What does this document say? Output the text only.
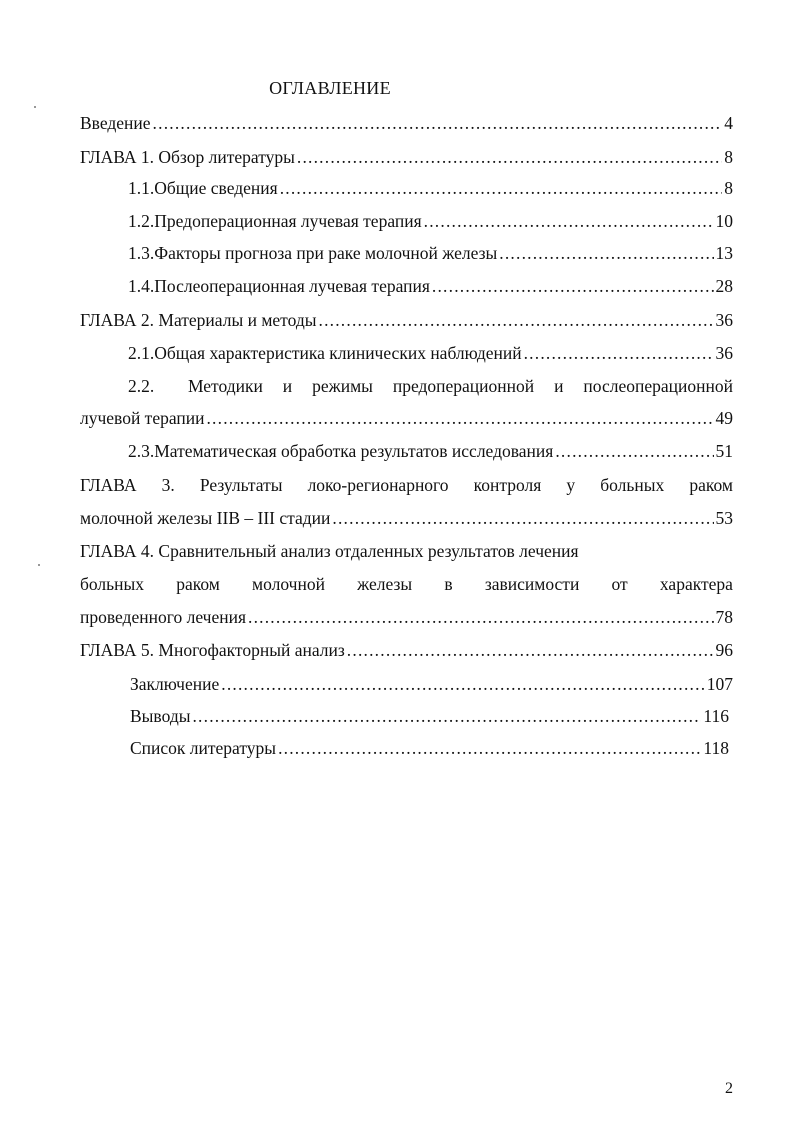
ОГЛАВЛЕНИЕ
Введение .....	4
ГЛАВА 1. Обзор литературы .....	8
1.1. Общие сведения .....	8
1.2. Предоперационная лучевая терапия .....	10
1.3. Факторы прогноза при раке молочной железы .....	13
1.4. Послеоперационная лучевая терапия .....	28
ГЛАВА 2. Материалы и методы .....	36
2.1. Общая характеристика клинических наблюдений .....	36
2.2.	Методики и режимы предоперационной и послеоперационной
лучевой терапии .....	49
2.3. Математическая обработка результатов исследования .....	51
ГЛАВА 3. Результаты локо-регионарного контроля у больных раком
молочной железы IIВ – III стадии .....	53
ГЛАВА 4. Сравнительный анализ отдаленных результатов лечения
больных раком молочной железы в зависимости от характера
проведенного лечения .....	78
ГЛАВА 5. Многофакторный анализ .....	96
Заключение .....	107
Выводы .....	116
Список литературы .....	118
2
